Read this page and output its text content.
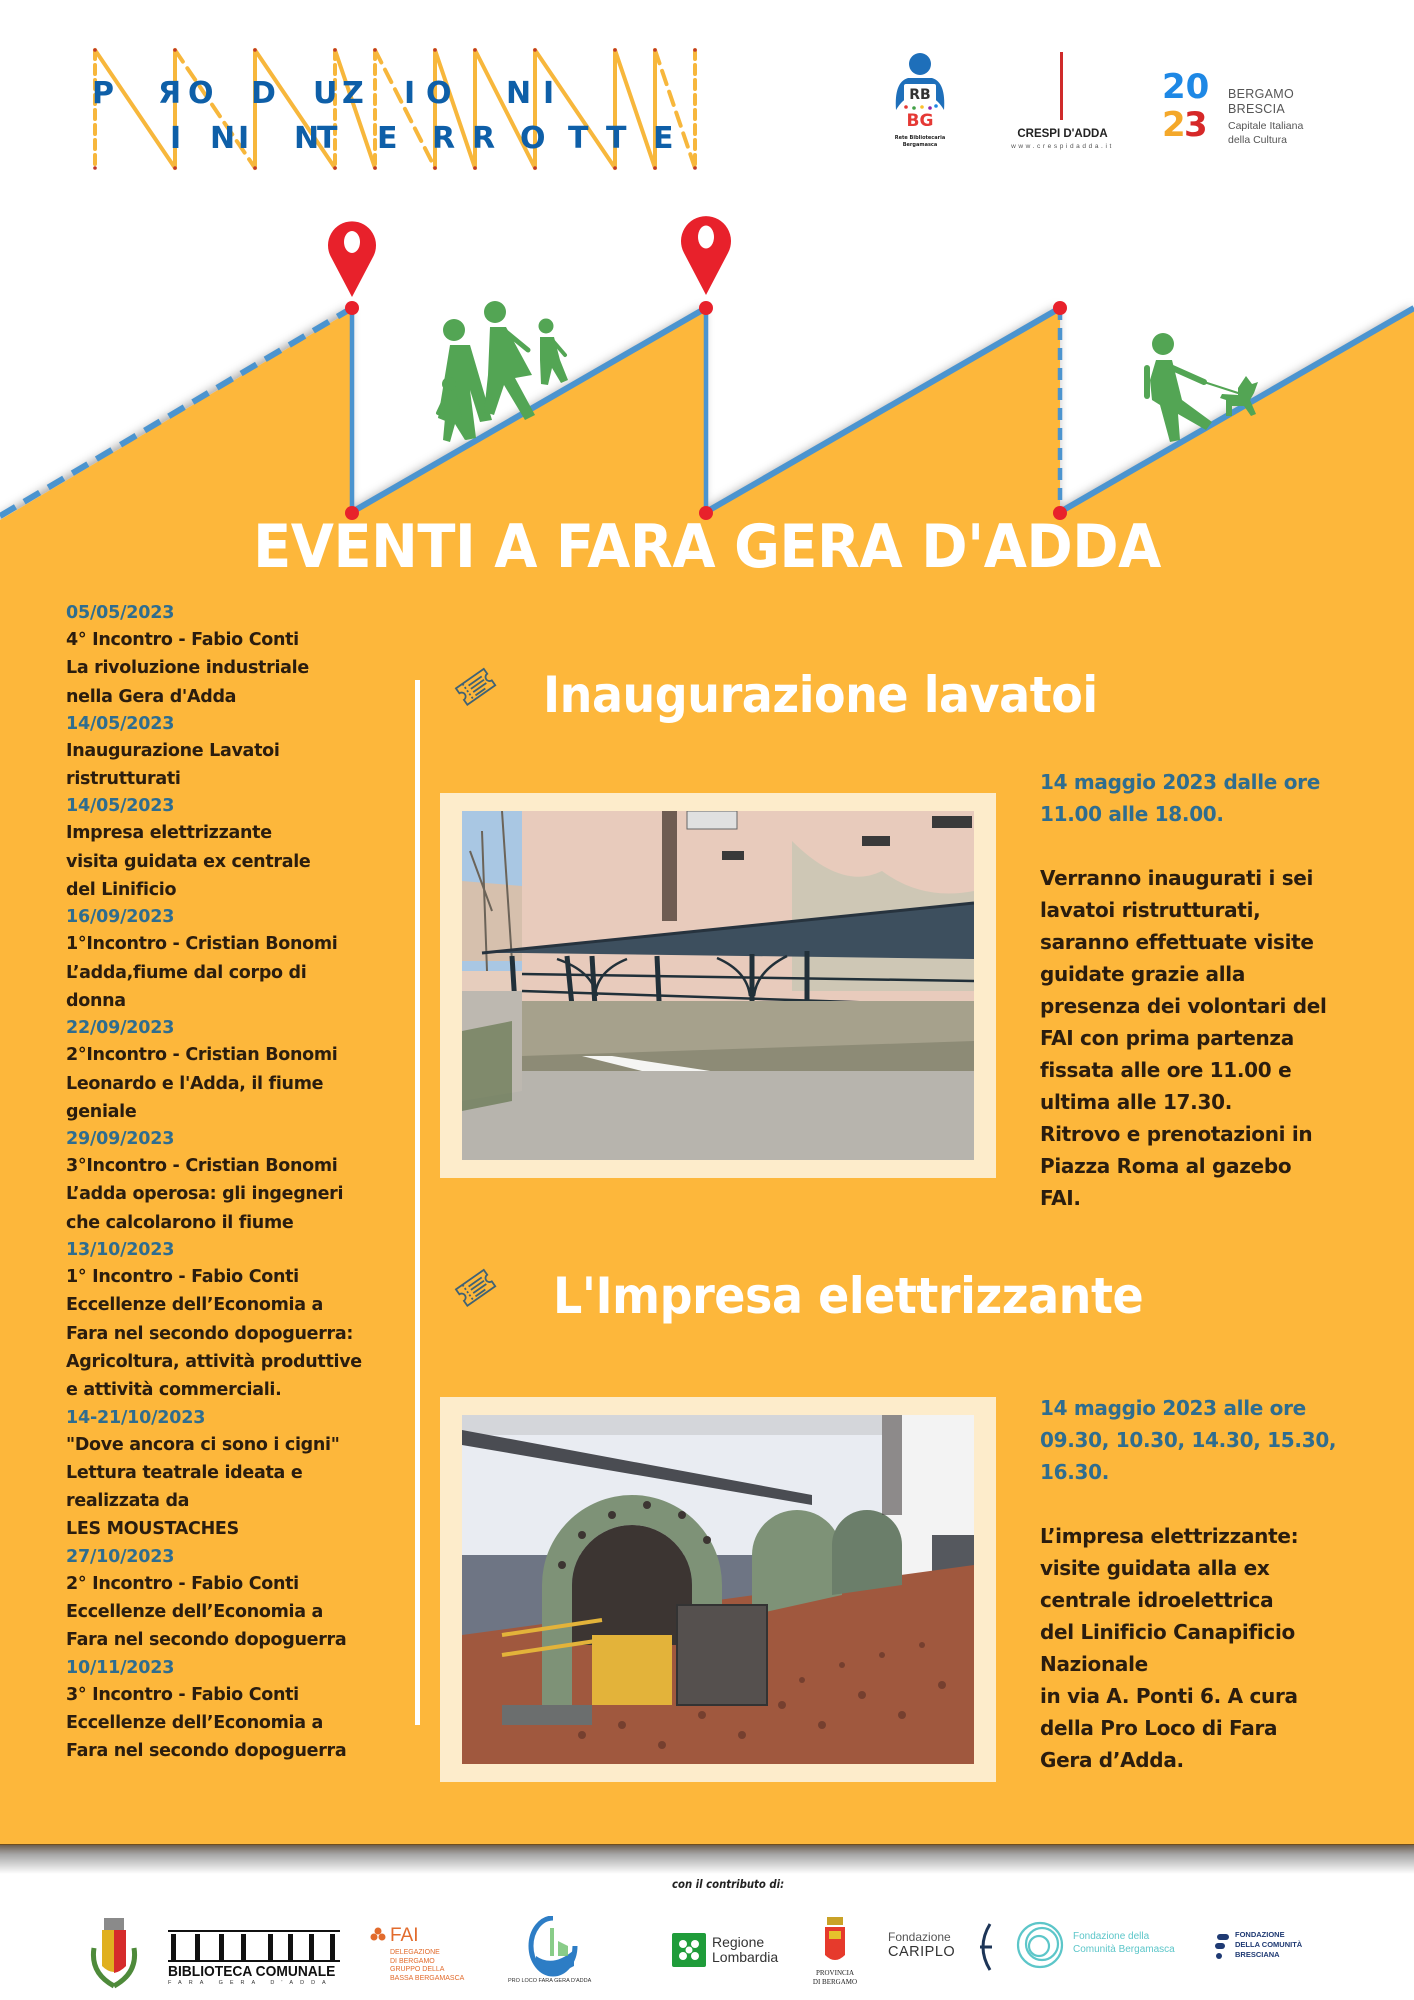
P Я O D U Z I O N I
I N I N
T E R R O T T E
RB
BG
Rete Bibliotecaria
Bergamasca
CRESPI D'ADDA
www.crespidadda.it
20
2
3
BERGAMO
BRESCIA
Capitale Italiana
della Cultura
EVENTI A FARA GERA D'ADDA
05/05/2023
4° Incontro - Fabio Conti
La rivoluzione industriale
nella Gera d'Adda
14/05/2023
Inaugurazione Lavatoi
ristrutturati
14/05/2023
Impresa elettrizzante
visita guidata ex centrale
del Linificio
16/09/2023
1°Incontro - Cristian Bonomi
L’adda,fiume dal corpo di
donna
22/09/2023
2°Incontro - Cristian Bonomi
Leonardo e l'Adda, il fiume
geniale
29/09/2023
3°Incontro - Cristian Bonomi
L’adda operosa: gli ingegneri
che calcolarono il fiume
13/10/2023
1° Incontro - Fabio Conti
Eccellenze dell’Economia a
Fara nel secondo dopoguerra:
Agricoltura, attività produttive
e attività commerciali.
14-21/10/2023
"Dove ancora ci sono i cigni"
Lettura teatrale ideata e
realizzata da
LES MOUSTACHES
27/10/2023
2° Incontro - Fabio Conti
Eccellenze dell’Economia a
Fara nel secondo dopoguerra
10/11/2023
3° Incontro - Fabio Conti
Eccellenze dell’Economia a
Fara nel secondo dopoguerra
Inaugurazione lavatoi
14 maggio 2023 dalle ore
11.00 alle 18.00.
Verranno inaugurati i sei
lavatoi ristrutturati,
saranno effettuate visite
guidate grazie alla
presenza dei volontari del
FAI con prima partenza
fissata alle ore 11.00 e
ultima alle 17.30.
Ritrovo e prenotazioni in
Piazza Roma al gazebo
FAI.
L'Impresa elettrizzante
14 maggio 2023 alle ore
09.30, 10.30, 14.30, 15.30,
16.30.
L’impresa elettrizzante:
visite guidata alla ex
centrale idroelettrica
del Linificio Canapificio
Nazionale
in via A. Ponti 6. A cura
della Pro Loco di Fara
Gera d’Adda.
con il contributo di:
BIBLIOTECA COMUNALE
FARA GERA D'ADDA
FAI
DELEGAZIONE
DI BERGAMO
GRUPPO DELLA
BASSA BERGAMASCA	PRO LOCO FARA GERA D'ADDA
Regione
Lombardia
PROVINCIA
DI BERGAMO
Fondazione
CARIPLO
Fondazione della
Comunità Bergamasca
FONDAZIONE
DELLA COMUNITÀ
BRESCIANA
